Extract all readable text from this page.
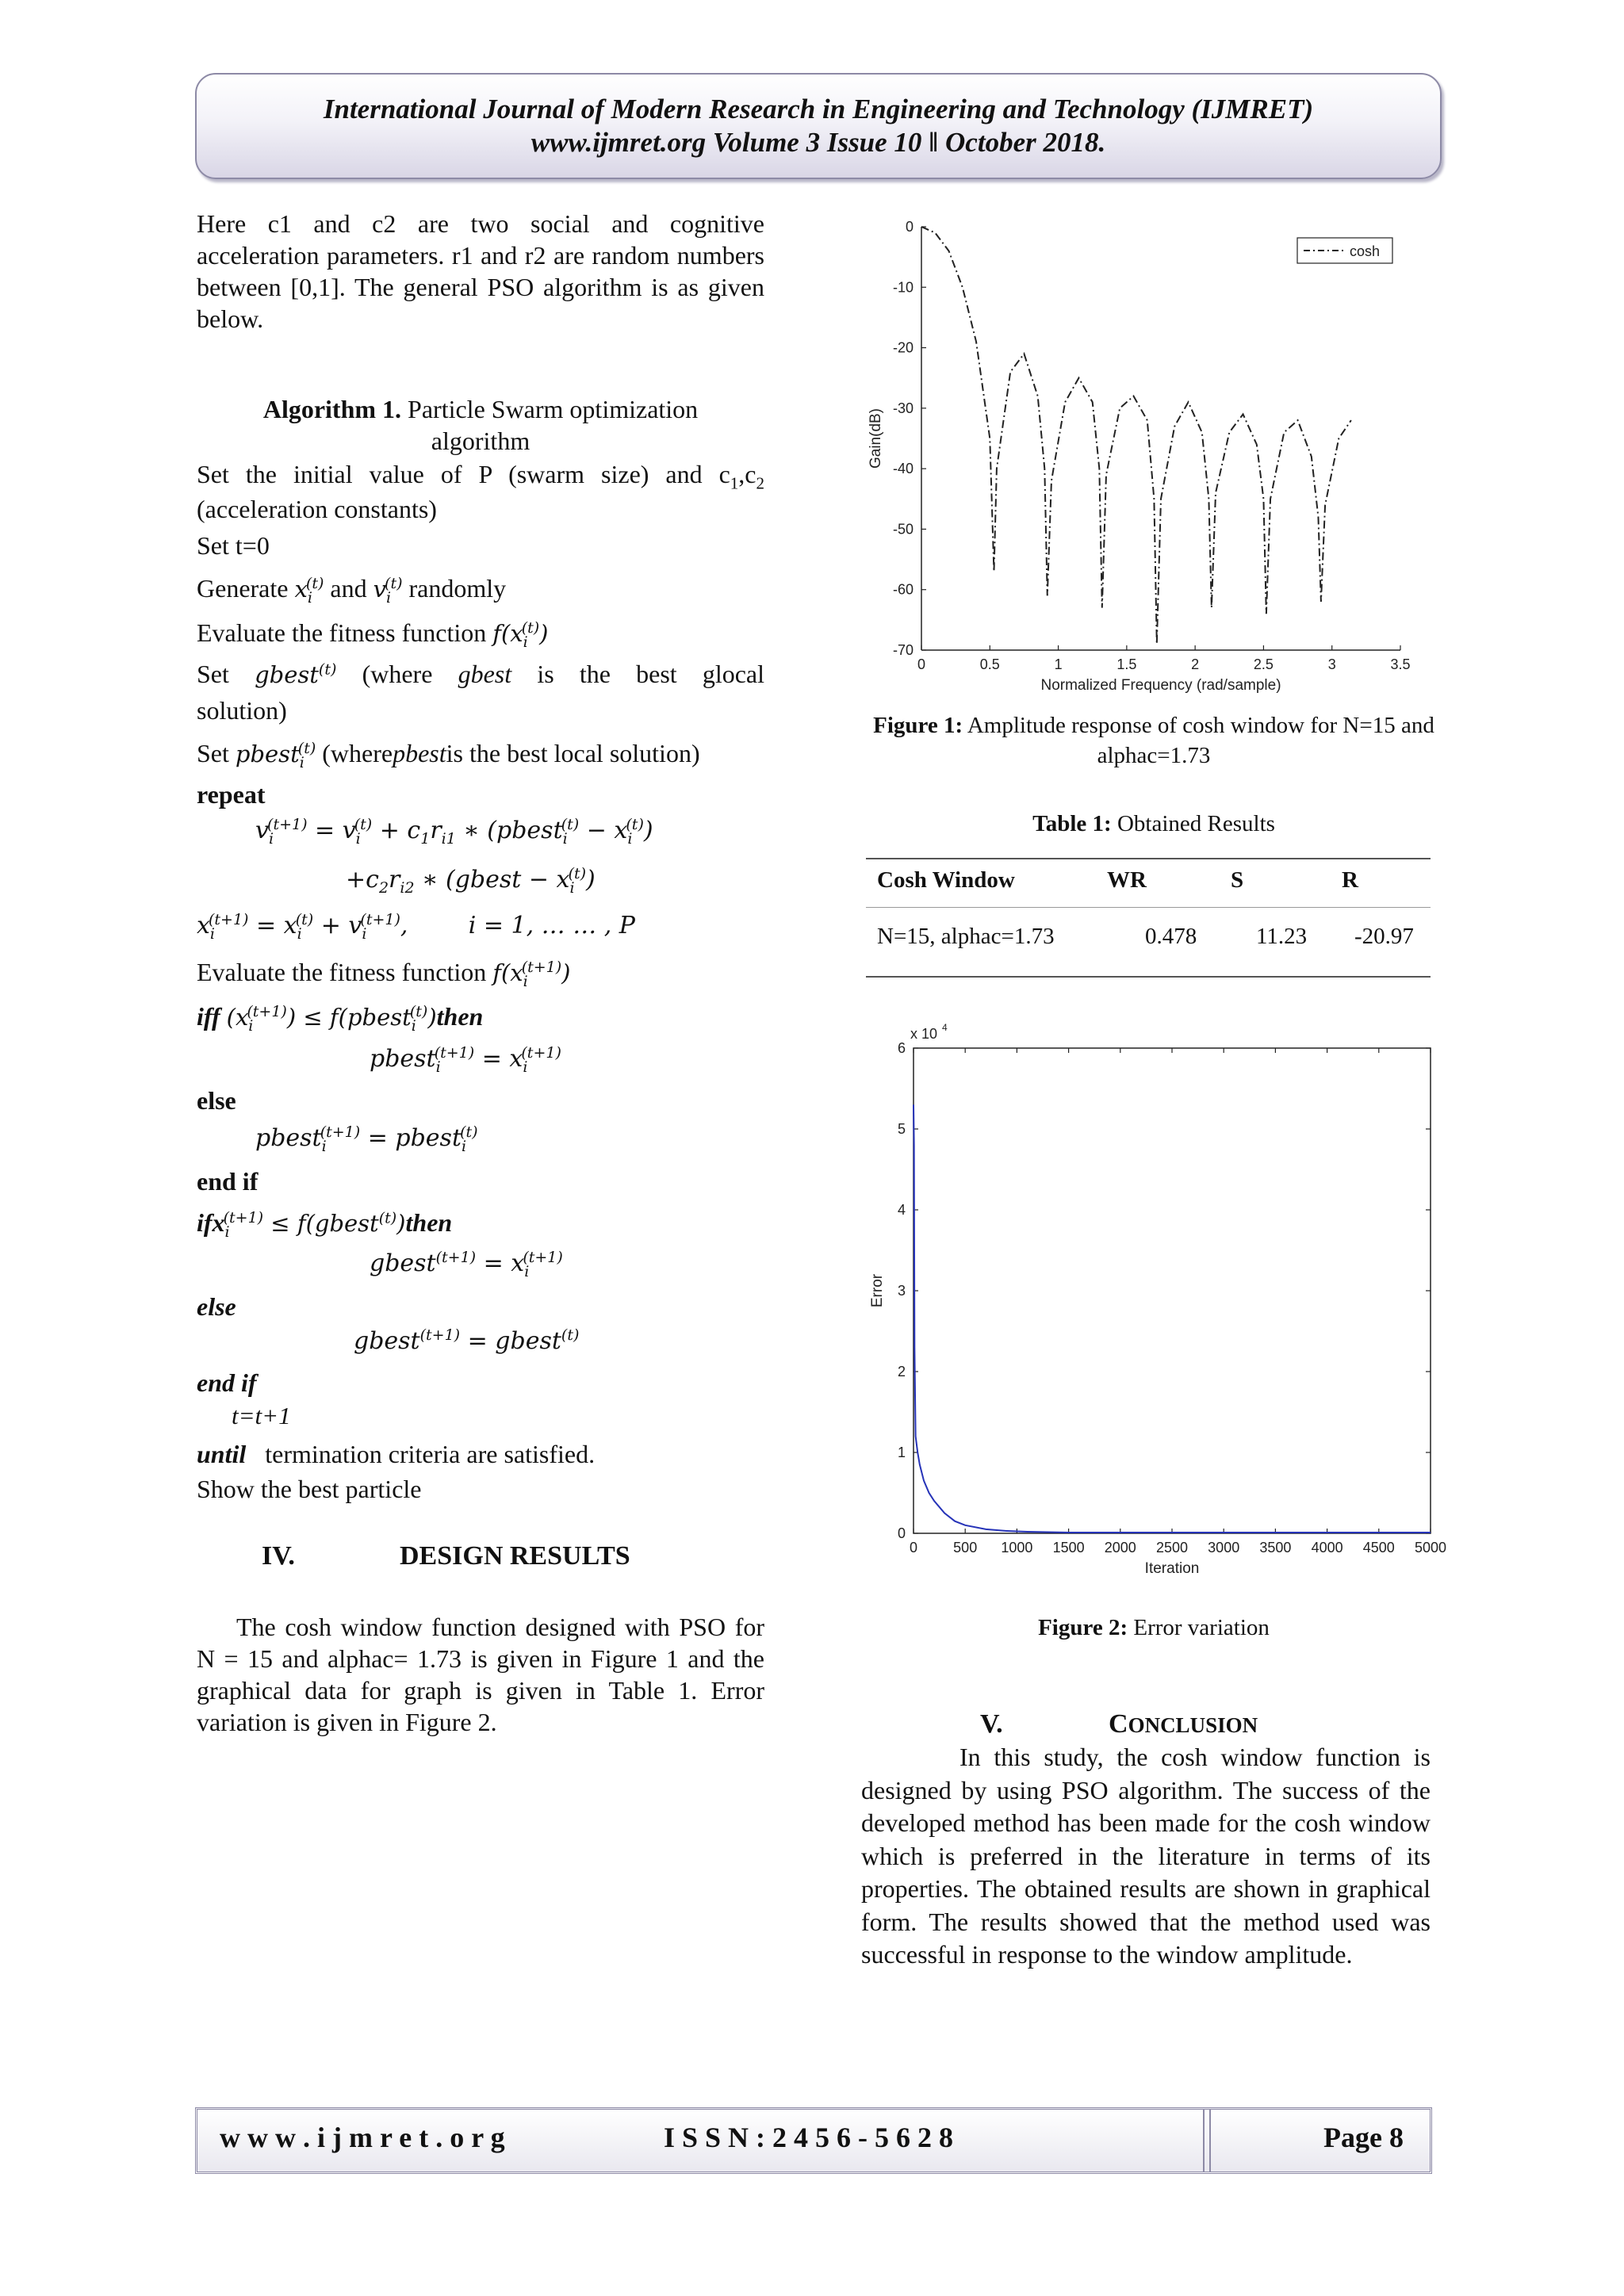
International Journal of Modern Research in Engineering and Technology (IJMRET)
www.ijmret.org Volume 3 Issue 10 ǁ October 2018.
Here c1 and c2 are two social and cognitive acceleration parameters. r1 and r2 are random numbers between [0,1]. The general PSO algorithm is as given below.
Algorithm 1. Particle Swarm optimization
algorithm
Set the initial value of P (swarm size) and $c_1,c_2$
(acceleration constants)
Set t=0
Generate $x_i^{(t)}$ and $v_i^{(t)}$ randomly
Evaluate the fitness function $f(x_i^{(t)})$
Set gbest$^{(t)}$ (where gbest is the best glocal
solution)
Set pbest$_i^{(t)}$ (wherepbestis the best local solution)
repeat
$v_i^{(t+1)} = v_i^{(t)} + c_1r_{i1}$ ∗ (pbest$_i^{(t)}$ − $x_i^{(t)}$)
$+c_2r_{i2}$ ∗ (gbest − $x_i^{(t)}$)
$x_i^{(t+1)} = x_i^{(t)} + v_i^{(t+1)}$,        i = 1, … … , P
Evaluate the fitness function $f(x_i^{(t+1)})$
iff $(x_i^{(t+1)})$ ≤ f(pbest$_i^{(t)}$)then
pbest$_i^{(t+1)}$ = $x_i^{(t+1)}$
else
pbest$_i^{(t+1)}$ = pbest$_i^{(t)}$
end if
ifx$_i^{(t+1)}$ ≤ f(gbest$^{(t)}$)then
gbest$^{(t+1)}$ = $x_i^{(t+1)}$
else
gbest$^{(t+1)}$ = gbest$^{(t)}$
end if
t=t+1
until termination criteria are satisfied.
Show the best particle
IV.	DESIGN RESULTS
The cosh window function designed with PSO for N = 15 and alphac= 1.73 is given in Figure 1 and the graphical data for graph is given in Table 1. Error variation is given in Figure 2.
0	0.5	1	1.5	2	2.5	3	3.5
0
-10
-20
-30
-40
-50
-60
-70
Normalized Frequency (rad/sample)
Gain(dB)
cosh
Figure 1: Amplitude response of cosh window for N=15 and alphac=1.73
Table 1: Obtained Results
Cosh Window	WR	S	R
N=15, alphac=1.73	0.478	11.23 -20.97
0	500 1000 1500 2000 2500 3000 3500 4000 4500 5000
0
1
2
3
4
5
6
Iteration
Error
x 10 4
Figure 2: Error variation
V.	CONCLUSION
In this study, the cosh window function is designed by using PSO algorithm. The success of the developed method has been made for the cosh window which is preferred in the literature in terms of its properties. The obtained results are shown in graphical form. The results showed that the method used was successful in response to the window amplitude.
w w w . i j m r e t . o r g	I S S N : 2 4 5 6 - 5 6 2 8	Page 8
